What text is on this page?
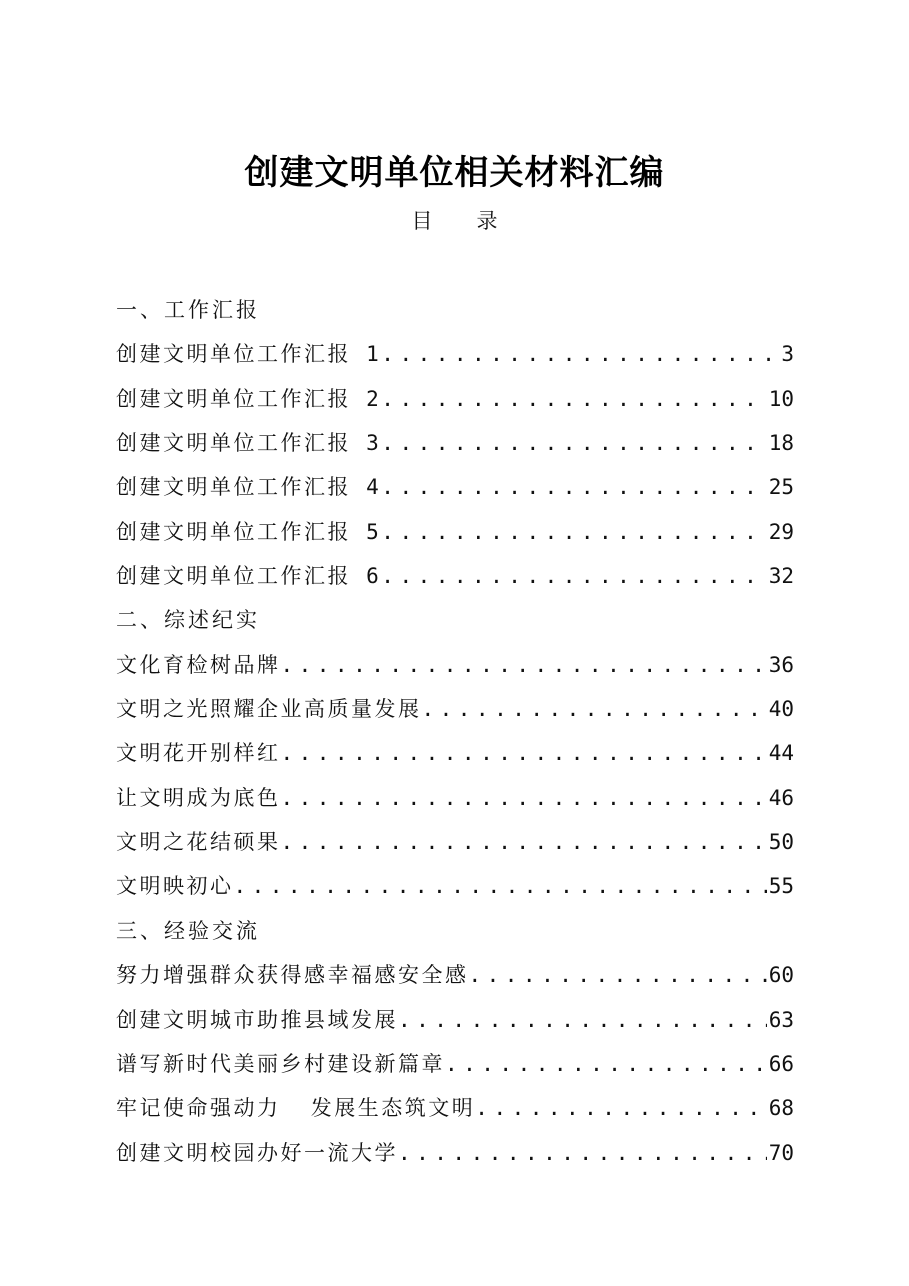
创建文明单位相关材料汇编
目录
一、工作汇报
创建文明单位工作汇报 1 .....	3
创建文明单位工作汇报 2 .....	10
创建文明单位工作汇报 3 .....	18
创建文明单位工作汇报 4 .....	25
创建文明单位工作汇报 5 .....	29
创建文明单位工作汇报 6 .....	32
二、综述纪实
文化育检树品牌 .....	36
文明之光照耀企业高质量发展 .....	40
文明花开别样红 .....	44
让文明成为底色 .....	46
文明之花结硕果 .....	50
文明映初心 .....	55
三、经验交流
努力增强群众获得感幸福感安全感 .....	60
创建文明城市助推县域发展 .....	63
谱写新时代美丽乡村建设新篇章 .....	66
牢记使命强动力  发展生态筑文明 .....	68
创建文明校园办好一流大学 .....	70
